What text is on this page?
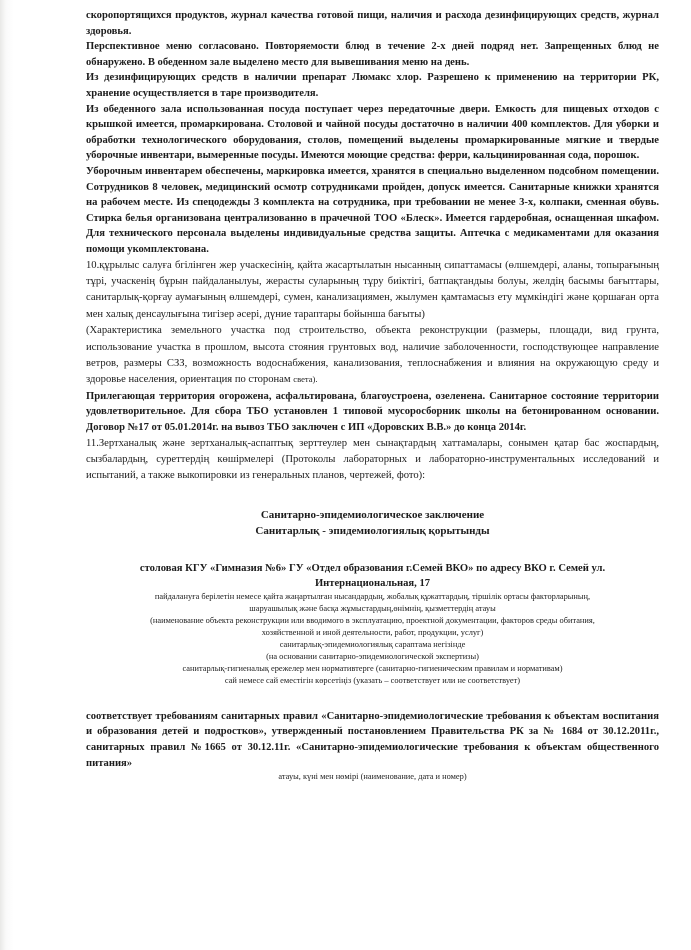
скоропортящихся продуктов, журнал качества готовой пищи, наличия и расхода дезинфицирующих средств, журнал здоровья.

Перспективное меню согласовано. Повторяемости блюд в течение 2-х дней подряд нет. Запрещенных блюд не обнаружено. В обеденном зале выделено место для вывешивания меню на день.

Из дезинфицирующих средств в наличии препарат Люмакс хлор. Разрешено к применению на территории РК, хранение осуществляется в таре производителя.

Из обеденного зала использованная посуда поступает через передаточные двери. Емкость для пищевых отходов с крышкой имеется, промаркирована. Столовой и чайной посуды достаточно в наличии 400 комплектов. Для уборки и обработки технологического оборудования, столов, помещений выделены промаркированные мягкие и твердые уборочные инвентари, вымеренные посуды. Имеются моющие средства: ферри, кальцинированная сода, порошок.

Уборочным инвентарем обеспечены, маркировка имеется, хранятся в специально выделенном подсобном помещении. Сотрудников 8 человек, медицинский осмотр сотрудниками пройден, допуск имеется. Санитарные книжки хранятся на рабочем месте. Из спецодежды 3 комплекта на сотрудника, при требовании не менее 3-х, колпаки, сменная обувь. Стирка белья организована централизованно в прачечной ТОО «Блеск». Имеется гардеробная, оснащенная шкафом. Для технического персонала выделены индивидуальные средства защиты. Аптечка с медикаментами для оказания помощи укомплектована.

10.құрылыс салуға бгілінген жер учаскесінің, қайта жасартылатын нысанның сипаттамасы (өлшемдері, аланы, топырағының тұрі, учаскенің бұрын пайдаланылуы, жерасты суларының тұру биіктігі, батпақтандыы болуы, желдің басымы бағыттары, санитарлық-қорғау аумағының өлшемдері, сумен, канализациямен, жылумен қамтамасыз ету мұмкіндігі және қоршаған орта мен халық денсаулығына тигізер әсері, дүние тараптары бойынша бағыты)

(Характеристика земельного участка под строительство, объекта реконструкции (размеры, площади, вид грунта, использование участка в прошлом, высота стояния грунтовых вод, наличие заболоченности, господствующее направление ветров, размеры СЗЗ, возможность водоснабжения, канализования, теплоснабжения и влияния на окружающую среду и здоровье населения, ориентация по сторонам света).

Прилегающая территория огорожена, асфальтирована, благоустроена, озеленена. Санитарное состояние территории удовлетворительное. Для сбора ТБО установлен 1 типовой мусоросборник школы на бетонированном основании. Договор №17 от 05.01.2014г. на вывоз ТБО заключен с ИП «Доровских В.В.» до конца 2014г.

11.Зертханалық және зертханалық-аспаптық зерттеулер мен сынақтардың хаттамалары, сонымен қатар бас жоспардың, сызбалардың, суреттердің көшірмелері (Протоколы лабораторных и лабораторно-инструментальных исследований и испытаний, а также выкопировки из генеральных планов, чертежей, фото):

Санитарно-эпидемиологическое заключение

Санитарлық - эпидемиологиялық қорытынды

столовая КГУ «Гимназия №6» ГУ «Отдел образования г.Семей ВКО» по адресу ВКО г. Семей ул.

Интернациональная, 17

пайдалануға берілетін немесе қайта жаңартылған нысандардың, жобалық құжаттардың, тіршілік ортасы факторларының,

шаруашылық және басқа жұмыстардың,өнімнің, қызметтердің атауы

(наименование объекта реконструкции или вводимого в эксплуатацию, проектной документации, факторов среды обитания,

хозяйственной и иной деятельности, работ, продукции, услуг)

санитарлық-эпидемиологиялық сараптама негізінде

(на основании санитарно-эпидемиологической экспертизы)

санитарлық-гигиеналық ережелер мен нормативтерге (санитарно-гигиеническим правилам и нормативам)

сай немесе сай еместігін көрсетіңіз (указать – соответствует или не соответствует)

соответствует требованиям санитарных правил «Санитарно-эпидемиологические требования к объектам воспитания и образования детей и подростков», утвержденный постановлением Правительства РК за № 1684 от 30.12.2011г., санитарных правил №1665 от 30.12.11г. «Санитарно-эпидемиологические требования к объектам общественного питания»

атауы, күні мен нөмірі (наименование, дата и номер)
